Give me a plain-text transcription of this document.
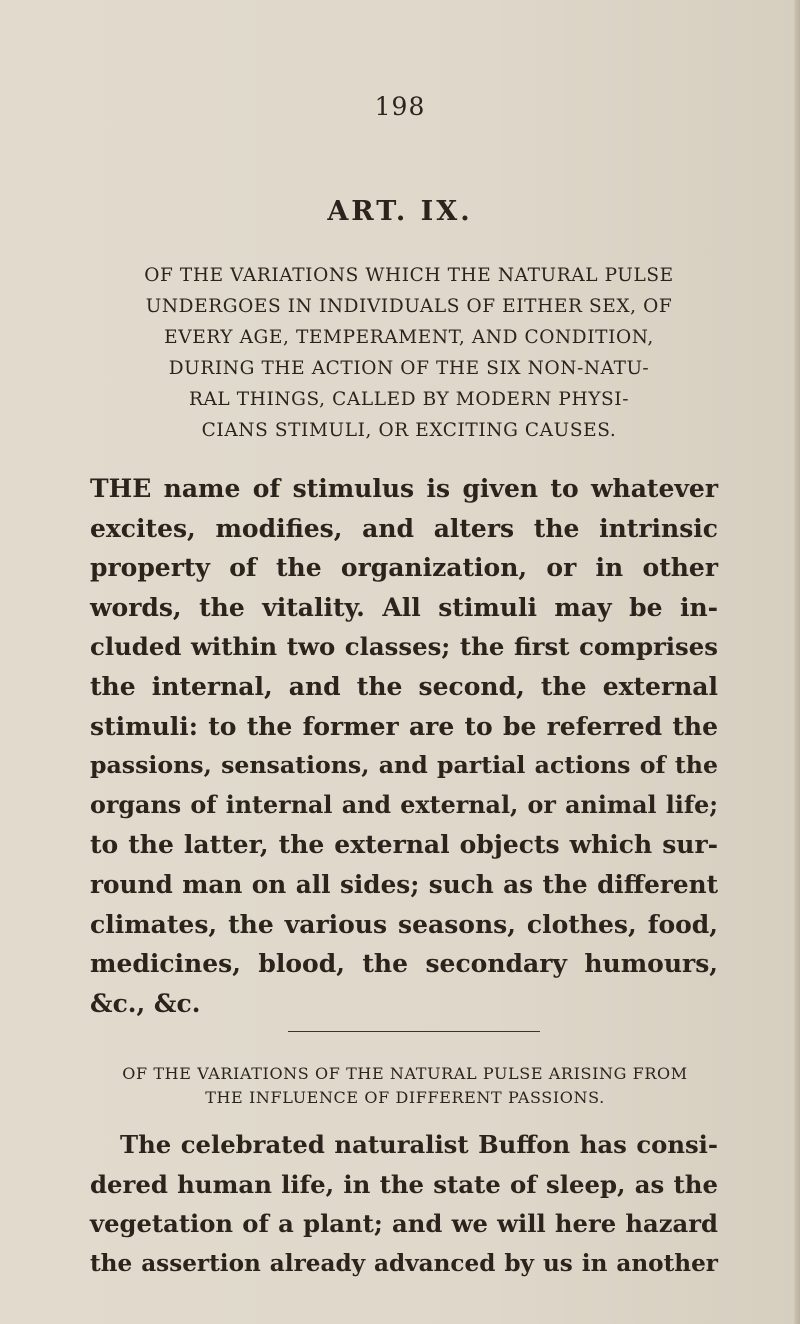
198
ART. IX.
OF THE VARIATIONS WHICH THE NATURAL PULSE
UNDERGOES IN INDIVIDUALS OF EITHER SEX, OF
EVERY AGE, TEMPERAMENT, AND CONDITION,
DURING THE ACTION OF THE SIX NON-NATU-
RAL THINGS, CALLED BY MODERN PHYSI-
CIANS STIMULI, OR EXCITING CAUSES.
THE name of stimulus is given to whatever
excites, modifies, and alters the intrinsic
property of the organization, or in other
words, the vitality. All stimuli may be in-
cluded within two classes; the first comprises
the internal, and the second, the external
stimuli: to the former are to be referred the
passions, sensations, and partial actions of the
organs of internal and external, or animal life;
to the latter, the external objects which sur-
round man on all sides; such as the different
climates, the various seasons, clothes, food,
medicines, blood, the secondary humours,
&c., &c.
OF THE VARIATIONS OF THE NATURAL PULSE ARISING FROM
THE INFLUENCE OF DIFFERENT PASSIONS.
The celebrated naturalist Buffon has consi-
dered human life, in the state of sleep, as the
vegetation of a plant; and we will here hazard
the assertion already advanced by us in another
